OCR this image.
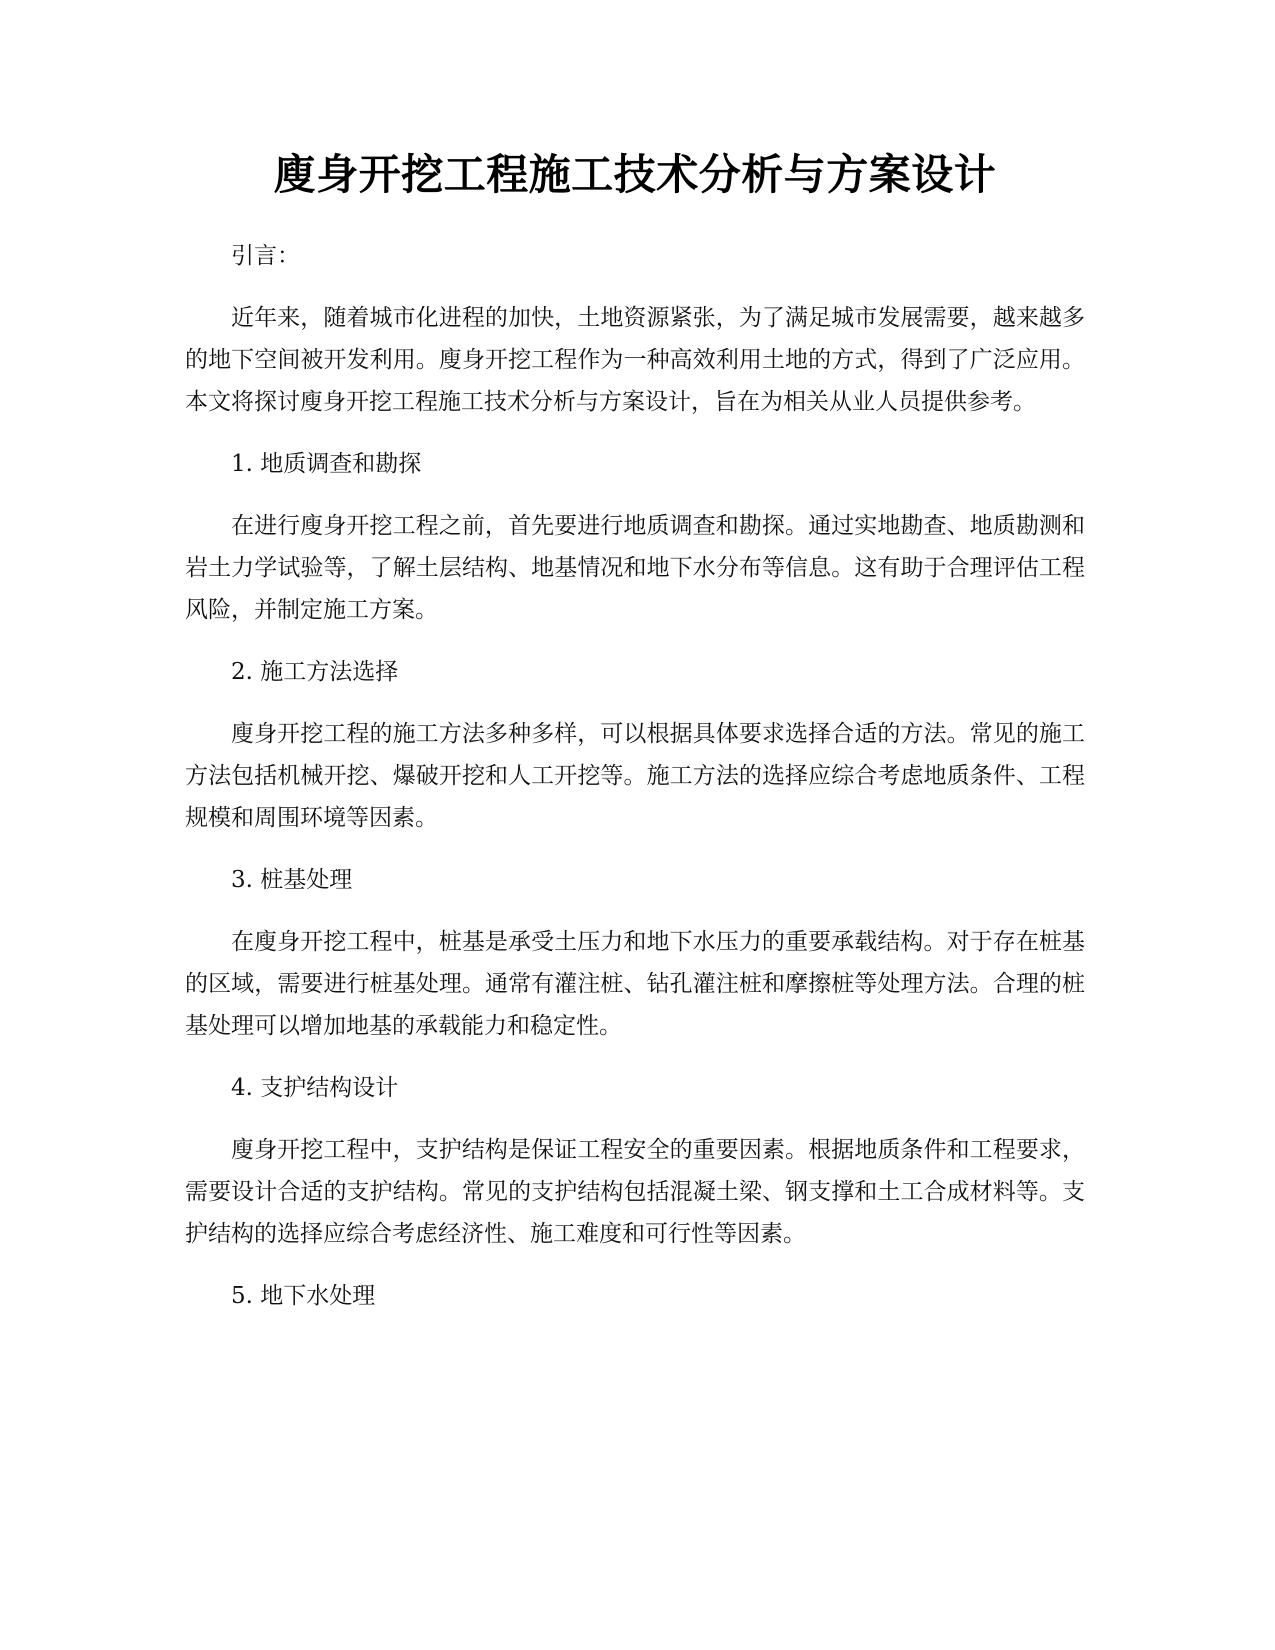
廋身开挖工程施工技术分析与方案设计

引言：

近年来，随着城市化进程的加快，土地资源紧张，为了满足城市发展需要，越来越多的地下空间被开发利用。廋身开挖工程作为一种高效利用土地的方式，得到了广泛应用。本文将探讨廋身开挖工程施工技术分析与方案设计，旨在为相关从业人员提供参考。

1. 地质调查和勘探

在进行廋身开挖工程之前，首先要进行地质调查和勘探。通过实地勘查、地质勘测和岩土力学试验等，了解土层结构、地基情况和地下水分布等信息。这有助于合理评估工程风险，并制定施工方案。

2. 施工方法选择

廋身开挖工程的施工方法多种多样，可以根据具体要求选择合适的方法。常见的施工方法包括机械开挖、爆破开挖和人工开挖等。施工方法的选择应综合考虑地质条件、工程规模和周围环境等因素。

3. 桩基处理

在廋身开挖工程中，桩基是承受土压力和地下水压力的重要承载结构。对于存在桩基的区域，需要进行桩基处理。通常有灌注桩、钻孔灌注桩和摩擦桩等处理方法。合理的桩基处理可以增加地基的承载能力和稳定性。

4. 支护结构设计

廋身开挖工程中，支护结构是保证工程安全的重要因素。根据地质条件和工程要求，需要设计合适的支护结构。常见的支护结构包括混凝土梁、钢支撑和土工合成材料等。支护结构的选择应综合考虑经济性、施工难度和可行性等因素。

5. 地下水处理
